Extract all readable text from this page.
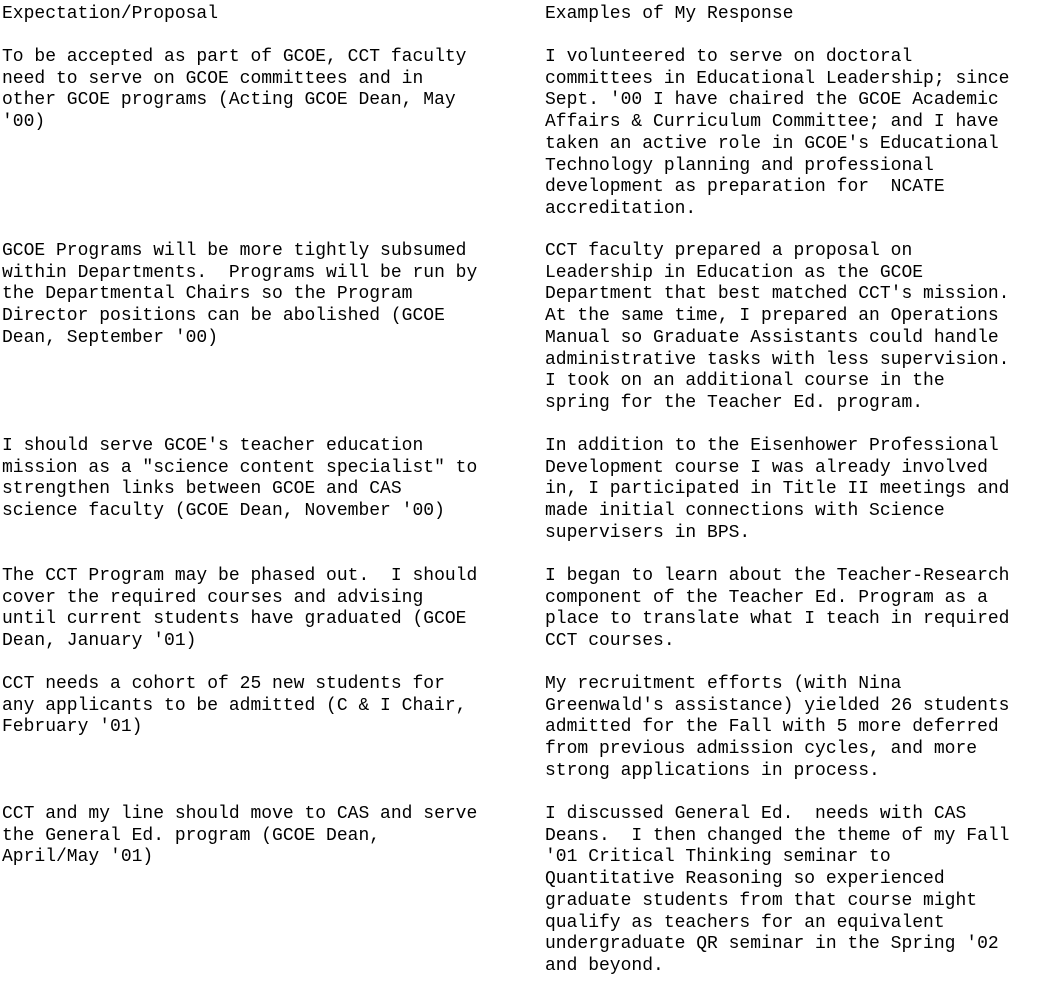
Expectation/Proposal	Examples of My Response
To be accepted as part of GCOE, CCT faculty
need to serve on GCOE committees and in
other GCOE programs (Acting GCOE Dean, May
'00)
I volunteered to serve on doctoral
committees in Educational Leadership; since
Sept. '00 I have chaired the GCOE Academic
Affairs & Curriculum Committee; and I have
taken an active role in GCOE's Educational
Technology planning and professional
development as preparation for  NCATE
accreditation.
GCOE Programs will be more tightly subsumed
within Departments.  Programs will be run by
the Departmental Chairs so the Program
Director positions can be abolished (GCOE
Dean, September '00)
CCT faculty prepared a proposal on
Leadership in Education as the GCOE
Department that best matched CCT's mission.
At the same time, I prepared an Operations
Manual so Graduate Assistants could handle
administrative tasks with less supervision.
I took on an additional course in the
spring for the Teacher Ed. program.
I should serve GCOE's teacher education
mission as a "science content specialist" to
strengthen links between GCOE and CAS
science faculty (GCOE Dean, November '00)
In addition to the Eisenhower Professional
Development course I was already involved
in, I participated in Title II meetings and
made initial connections with Science
supervisers in BPS.
The CCT Program may be phased out.  I should
cover the required courses and advising
until current students have graduated (GCOE
Dean, January '01)
I began to learn about the Teacher-Research
component of the Teacher Ed. Program as a
place to translate what I teach in required
CCT courses.
CCT needs a cohort of 25 new students for
any applicants to be admitted (C & I Chair,
February '01)
My recruitment efforts (with Nina
Greenwald's assistance) yielded 26 students
admitted for the Fall with 5 more deferred
from previous admission cycles, and more
strong applications in process.
CCT and my line should move to CAS and serve
the General Ed. program (GCOE Dean,
April/May '01)
I discussed General Ed.  needs with CAS
Deans.  I then changed the theme of my Fall
'01 Critical Thinking seminar to
Quantitative Reasoning so experienced
graduate students from that course might
qualify as teachers for an equivalent
undergraduate QR seminar in the Spring '02
and beyond.
